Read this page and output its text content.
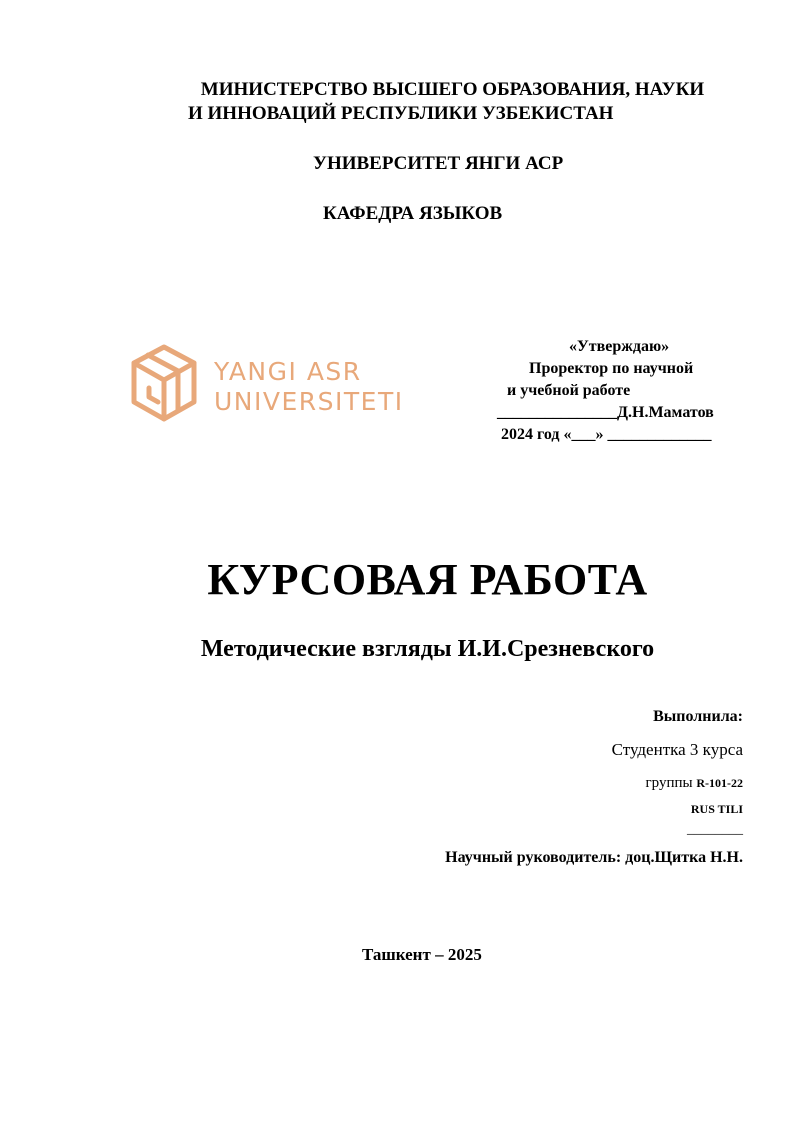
МИНИСТЕРСТВО ВЫСШЕГО ОБРАЗОВАНИЯ, НАУКИ
И ИННОВАЦИЙ РЕСПУБЛИКИ УЗБЕКИСТАН
УНИВЕРСИТЕТ ЯНГИ АСР
КАФЕДРА ЯЗЫКОВ
YANGI ASR
UNIVERSITETI
«Утверждаю»
Проректор по научной
и учебной работе
_______________Д.Н.Маматов
2024 год «___» _____________
КУРСОВАЯ РАБОТА
Методические взгляды И.И.Срезневского
Выполнила:
Студентка 3 курса
группы R-101-22
RUS TILI
________
Научный руководитель: доц.Щитка Н.Н.
Ташкент – 2025
